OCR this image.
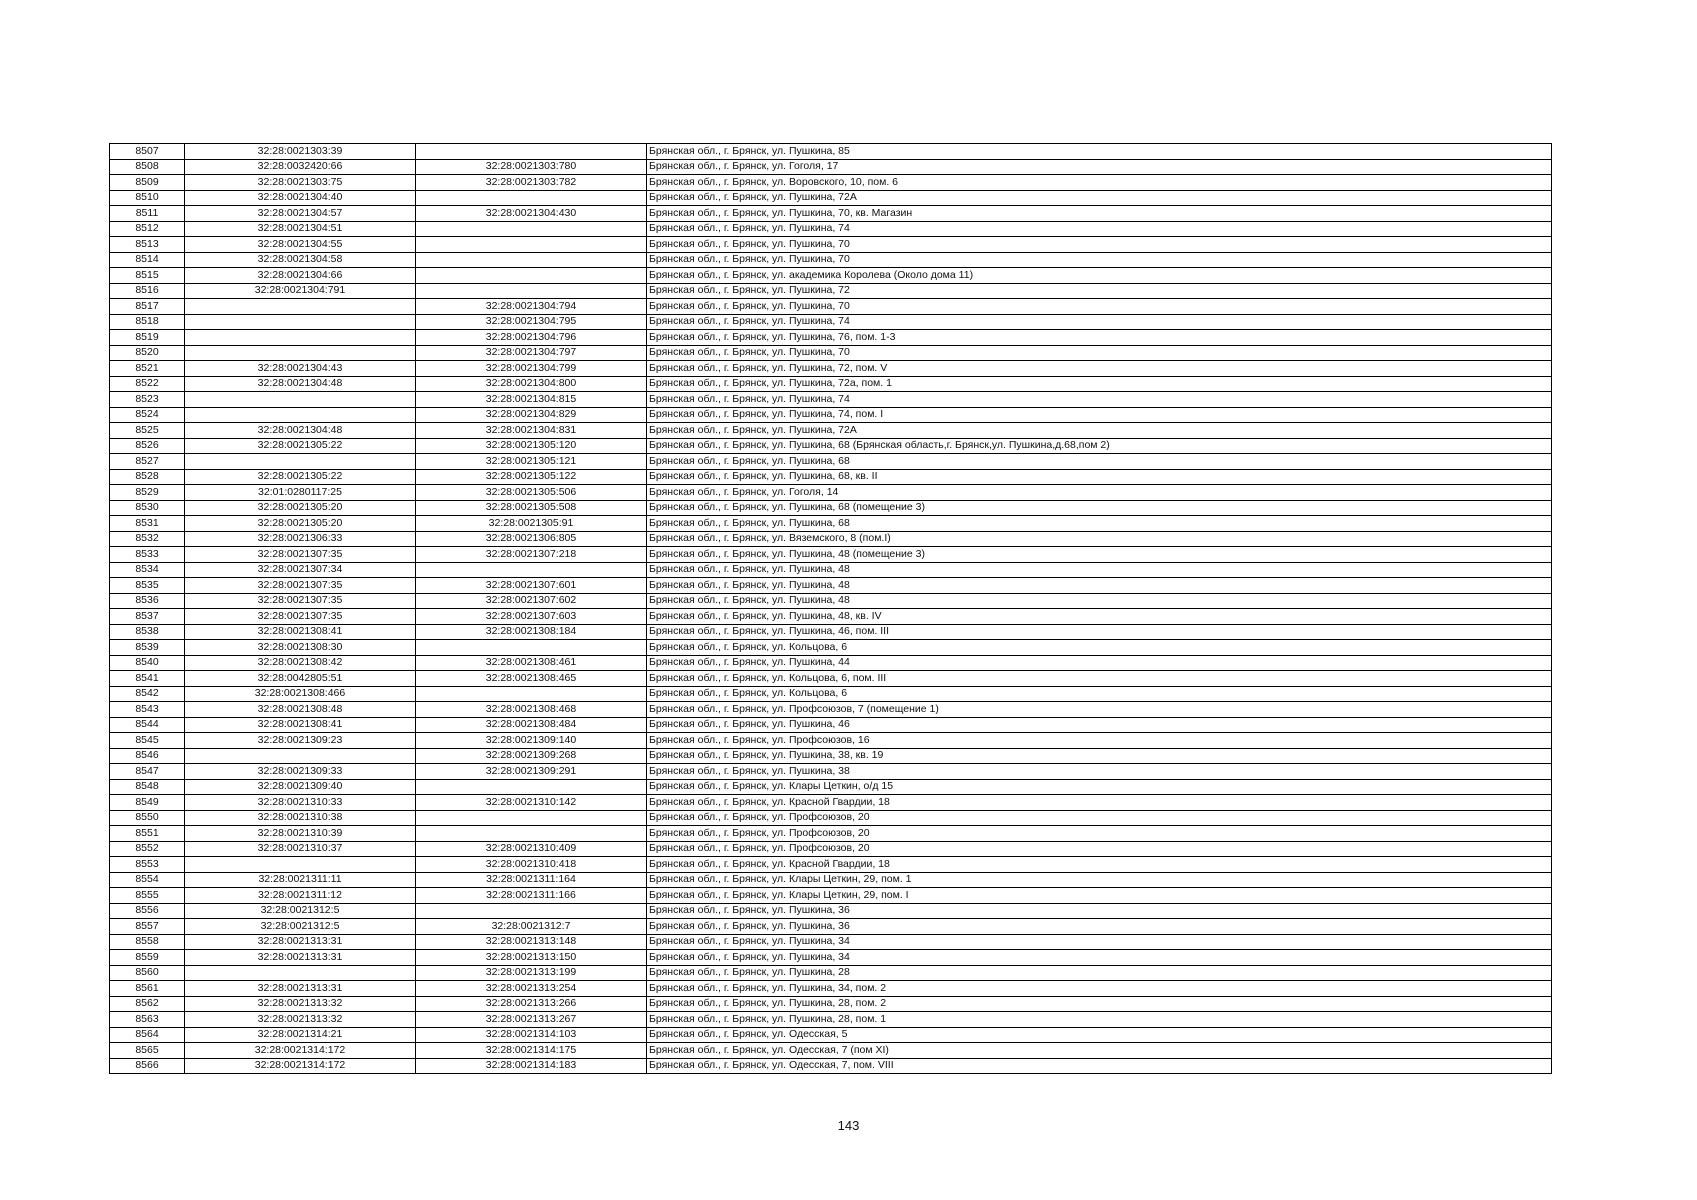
8507	32:28:0021303:39		Брянская обл., г. Брянск, ул. Пушкина, 85
8508	32:28:0032420:66	32:28:0021303:780	Брянская обл., г. Брянск, ул. Гоголя, 17
8509	32:28:0021303:75	32:28:0021303:782	Брянская обл., г. Брянск, ул. Воровского, 10, пом. 6
8510	32:28:0021304:40		Брянская обл., г. Брянск, ул. Пушкина, 72А
8511	32:28:0021304:57	32:28:0021304:430	Брянская обл., г. Брянск, ул. Пушкина, 70, кв. Магазин
8512	32:28:0021304:51		Брянская обл., г. Брянск, ул. Пушкина, 74
8513	32:28:0021304:55		Брянская обл., г. Брянск, ул. Пушкина, 70
8514	32:28:0021304:58		Брянская обл., г. Брянск, ул. Пушкина, 70
8515	32:28:0021304:66		Брянская обл., г. Брянск, ул. академика Королева (Около дома 11)
8516	32:28:0021304:791		Брянская обл., г. Брянск, ул. Пушкина, 72
8517		32:28:0021304:794	Брянская обл., г. Брянск, ул. Пушкина, 70
8518		32:28:0021304:795	Брянская обл., г. Брянск, ул. Пушкина, 74
8519		32:28:0021304:796	Брянская обл., г. Брянск, ул. Пушкина, 76, пом. 1-3
8520		32:28:0021304:797	Брянская обл., г. Брянск, ул. Пушкина, 70
8521	32:28:0021304:43	32:28:0021304:799	Брянская обл., г. Брянск, ул. Пушкина, 72, пом. V
8522	32:28:0021304:48	32:28:0021304:800	Брянская обл., г. Брянск, ул. Пушкина, 72а, пом. 1
8523		32:28:0021304:815	Брянская обл., г. Брянск, ул. Пушкина, 74
8524		32:28:0021304:829	Брянская обл., г. Брянск, ул. Пушкина, 74, пом. I
8525	32:28:0021304:48	32:28:0021304:831	Брянская обл., г. Брянск, ул. Пушкина, 72А
8526	32:28:0021305:22	32:28:0021305:120	Брянская обл., г. Брянск, ул. Пушкина, 68 (Брянская область,г. Брянск,ул. Пушкина,д.68,пом 2)
8527		32:28:0021305:121	Брянская обл., г. Брянск, ул. Пушкина, 68
8528	32:28:0021305:22	32:28:0021305:122	Брянская обл., г. Брянск, ул. Пушкина, 68, кв. II
8529	32:01:0280117:25	32:28:0021305:506	Брянская обл., г. Брянск, ул. Гоголя, 14
8530	32:28:0021305:20	32:28:0021305:508	Брянская обл., г. Брянск, ул. Пушкина, 68 (помещение 3)
8531	32:28:0021305:20	32:28:0021305:91	Брянская обл., г. Брянск, ул. Пушкина, 68
8532	32:28:0021306:33	32:28:0021306:805	Брянская обл., г. Брянск, ул. Вяземского, 8 (пом.I)
8533	32:28:0021307:35	32:28:0021307:218	Брянская обл., г. Брянск, ул. Пушкина, 48 (помещение 3)
8534	32:28:0021307:34		Брянская обл., г. Брянск, ул. Пушкина, 48
8535	32:28:0021307:35	32:28:0021307:601	Брянская обл., г. Брянск, ул. Пушкина, 48
8536	32:28:0021307:35	32:28:0021307:602	Брянская обл., г. Брянск, ул. Пушкина, 48
8537	32:28:0021307:35	32:28:0021307:603	Брянская обл., г. Брянск, ул. Пушкина, 48, кв. IV
8538	32:28:0021308:41	32:28:0021308:184	Брянская обл., г. Брянск, ул. Пушкина, 46, пом. III
8539	32:28:0021308:30		Брянская обл., г. Брянск, ул. Кольцова, 6
8540	32:28:0021308:42	32:28:0021308:461	Брянская обл., г. Брянск, ул. Пушкина, 44
8541	32:28:0042805:51	32:28:0021308:465	Брянская обл., г. Брянск, ул. Кольцова, 6, пом. III
8542	32:28:0021308:466		Брянская обл., г. Брянск, ул. Кольцова, 6
8543	32:28:0021308:48	32:28:0021308:468	Брянская обл., г. Брянск, ул. Профсоюзов, 7 (помещение 1)
8544	32:28:0021308:41	32:28:0021308:484	Брянская обл., г. Брянск, ул. Пушкина, 46
8545	32:28:0021309:23	32:28:0021309:140	Брянская обл., г. Брянск, ул. Профсоюзов, 16
8546		32:28:0021309:268	Брянская обл., г. Брянск, ул. Пушкина, 38, кв. 19
8547	32:28:0021309:33	32:28:0021309:291	Брянская обл., г. Брянск, ул. Пушкина, 38
8548	32:28:0021309:40		Брянская обл., г. Брянск, ул. Клары Цеткин, о/д 15
8549	32:28:0021310:33	32:28:0021310:142	Брянская обл., г. Брянск, ул. Красной Гвардии, 18
8550	32:28:0021310:38		Брянская обл., г. Брянск, ул. Профсоюзов, 20
8551	32:28:0021310:39		Брянская обл., г. Брянск, ул. Профсоюзов, 20
8552	32:28:0021310:37	32:28:0021310:409	Брянская обл., г. Брянск, ул. Профсоюзов, 20
8553		32:28:0021310:418	Брянская обл., г. Брянск, ул. Красной Гвардии, 18
8554	32:28:0021311:11	32:28:0021311:164	Брянская обл., г. Брянск, ул. Клары Цеткин, 29, пом. 1
8555	32:28:0021311:12	32:28:0021311:166	Брянская обл., г. Брянск, ул. Клары Цеткин, 29, пом. I
8556	32:28:0021312:5		Брянская обл., г. Брянск, ул. Пушкина, 36
8557	32:28:0021312:5	32:28:0021312:7	Брянская обл., г. Брянск, ул. Пушкина, 36
8558	32:28:0021313:31	32:28:0021313:148	Брянская обл., г. Брянск, ул. Пушкина, 34
8559	32:28:0021313:31	32:28:0021313:150	Брянская обл., г. Брянск, ул. Пушкина, 34
8560		32:28:0021313:199	Брянская обл., г. Брянск, ул. Пушкина, 28
8561	32:28:0021313:31	32:28:0021313:254	Брянская обл., г. Брянск, ул. Пушкина, 34, пом. 2
8562	32:28:0021313:32	32:28:0021313:266	Брянская обл., г. Брянск, ул. Пушкина, 28, пом. 2
8563	32:28:0021313:32	32:28:0021313:267	Брянская обл., г. Брянск, ул. Пушкина, 28, пом. 1
8564	32:28:0021314:21	32:28:0021314:103	Брянская обл., г. Брянск, ул. Одесская, 5
8565	32:28:0021314:172	32:28:0021314:175	Брянская обл., г. Брянск, ул. Одесская, 7 (пом XI)
8566	32:28:0021314:172	32:28:0021314:183	Брянская обл., г. Брянск, ул. Одесская, 7, пом. VIII
143
